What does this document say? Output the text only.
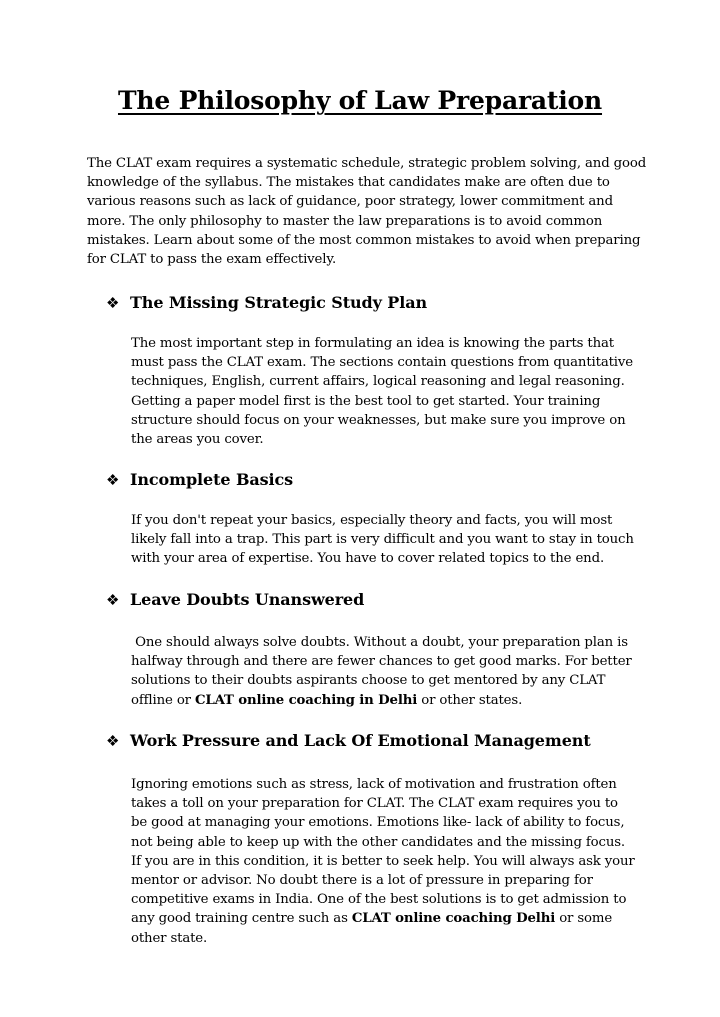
The Philosophy of Law Preparation

The CLAT exam requires a systematic schedule, strategic problem solving, and good knowledge of the syllabus. The mistakes that candidates make are often due to various reasons such as lack of guidance, poor strategy, lower commitment and more. The only philosophy to master the law preparations is to avoid common mistakes. Learn about some of the most common mistakes to avoid when preparing for CLAT to pass the exam effectively.

❖ The Missing Strategic Study Plan

The most important step in formulating an idea is knowing the parts that must pass the CLAT exam. The sections contain questions from quantitative techniques, English, current affairs, logical reasoning and legal reasoning. Getting a paper model first is the best tool to get started. Your training structure should focus on your weaknesses, but make sure you improve on the areas you cover.

❖ Incomplete Basics

If you don't repeat your basics, especially theory and facts, you will most likely fall into a trap. This part is very difficult and you want to stay in touch with your area of expertise. You have to cover related topics to the end.

❖ Leave Doubts Unanswered

One should always solve doubts. Without a doubt, your preparation plan is halfway through and there are fewer chances to get good marks. For better solutions to their doubts aspirants choose to get mentored by any CLAT offline or CLAT online coaching in Delhi or other states.

❖ Work Pressure and Lack Of Emotional Management

Ignoring emotions such as stress, lack of motivation and frustration often takes a toll on your preparation for CLAT. The CLAT exam requires you to be good at managing your emotions. Emotions like- lack of ability to focus, not being able to keep up with the other candidates and the missing focus. If you are in this condition, it is better to seek help. You will always ask your mentor or advisor. No doubt there is a lot of pressure in preparing for competitive exams in India. One of the best solutions is to get admission to any good training centre such as CLAT online coaching Delhi or some other state.
